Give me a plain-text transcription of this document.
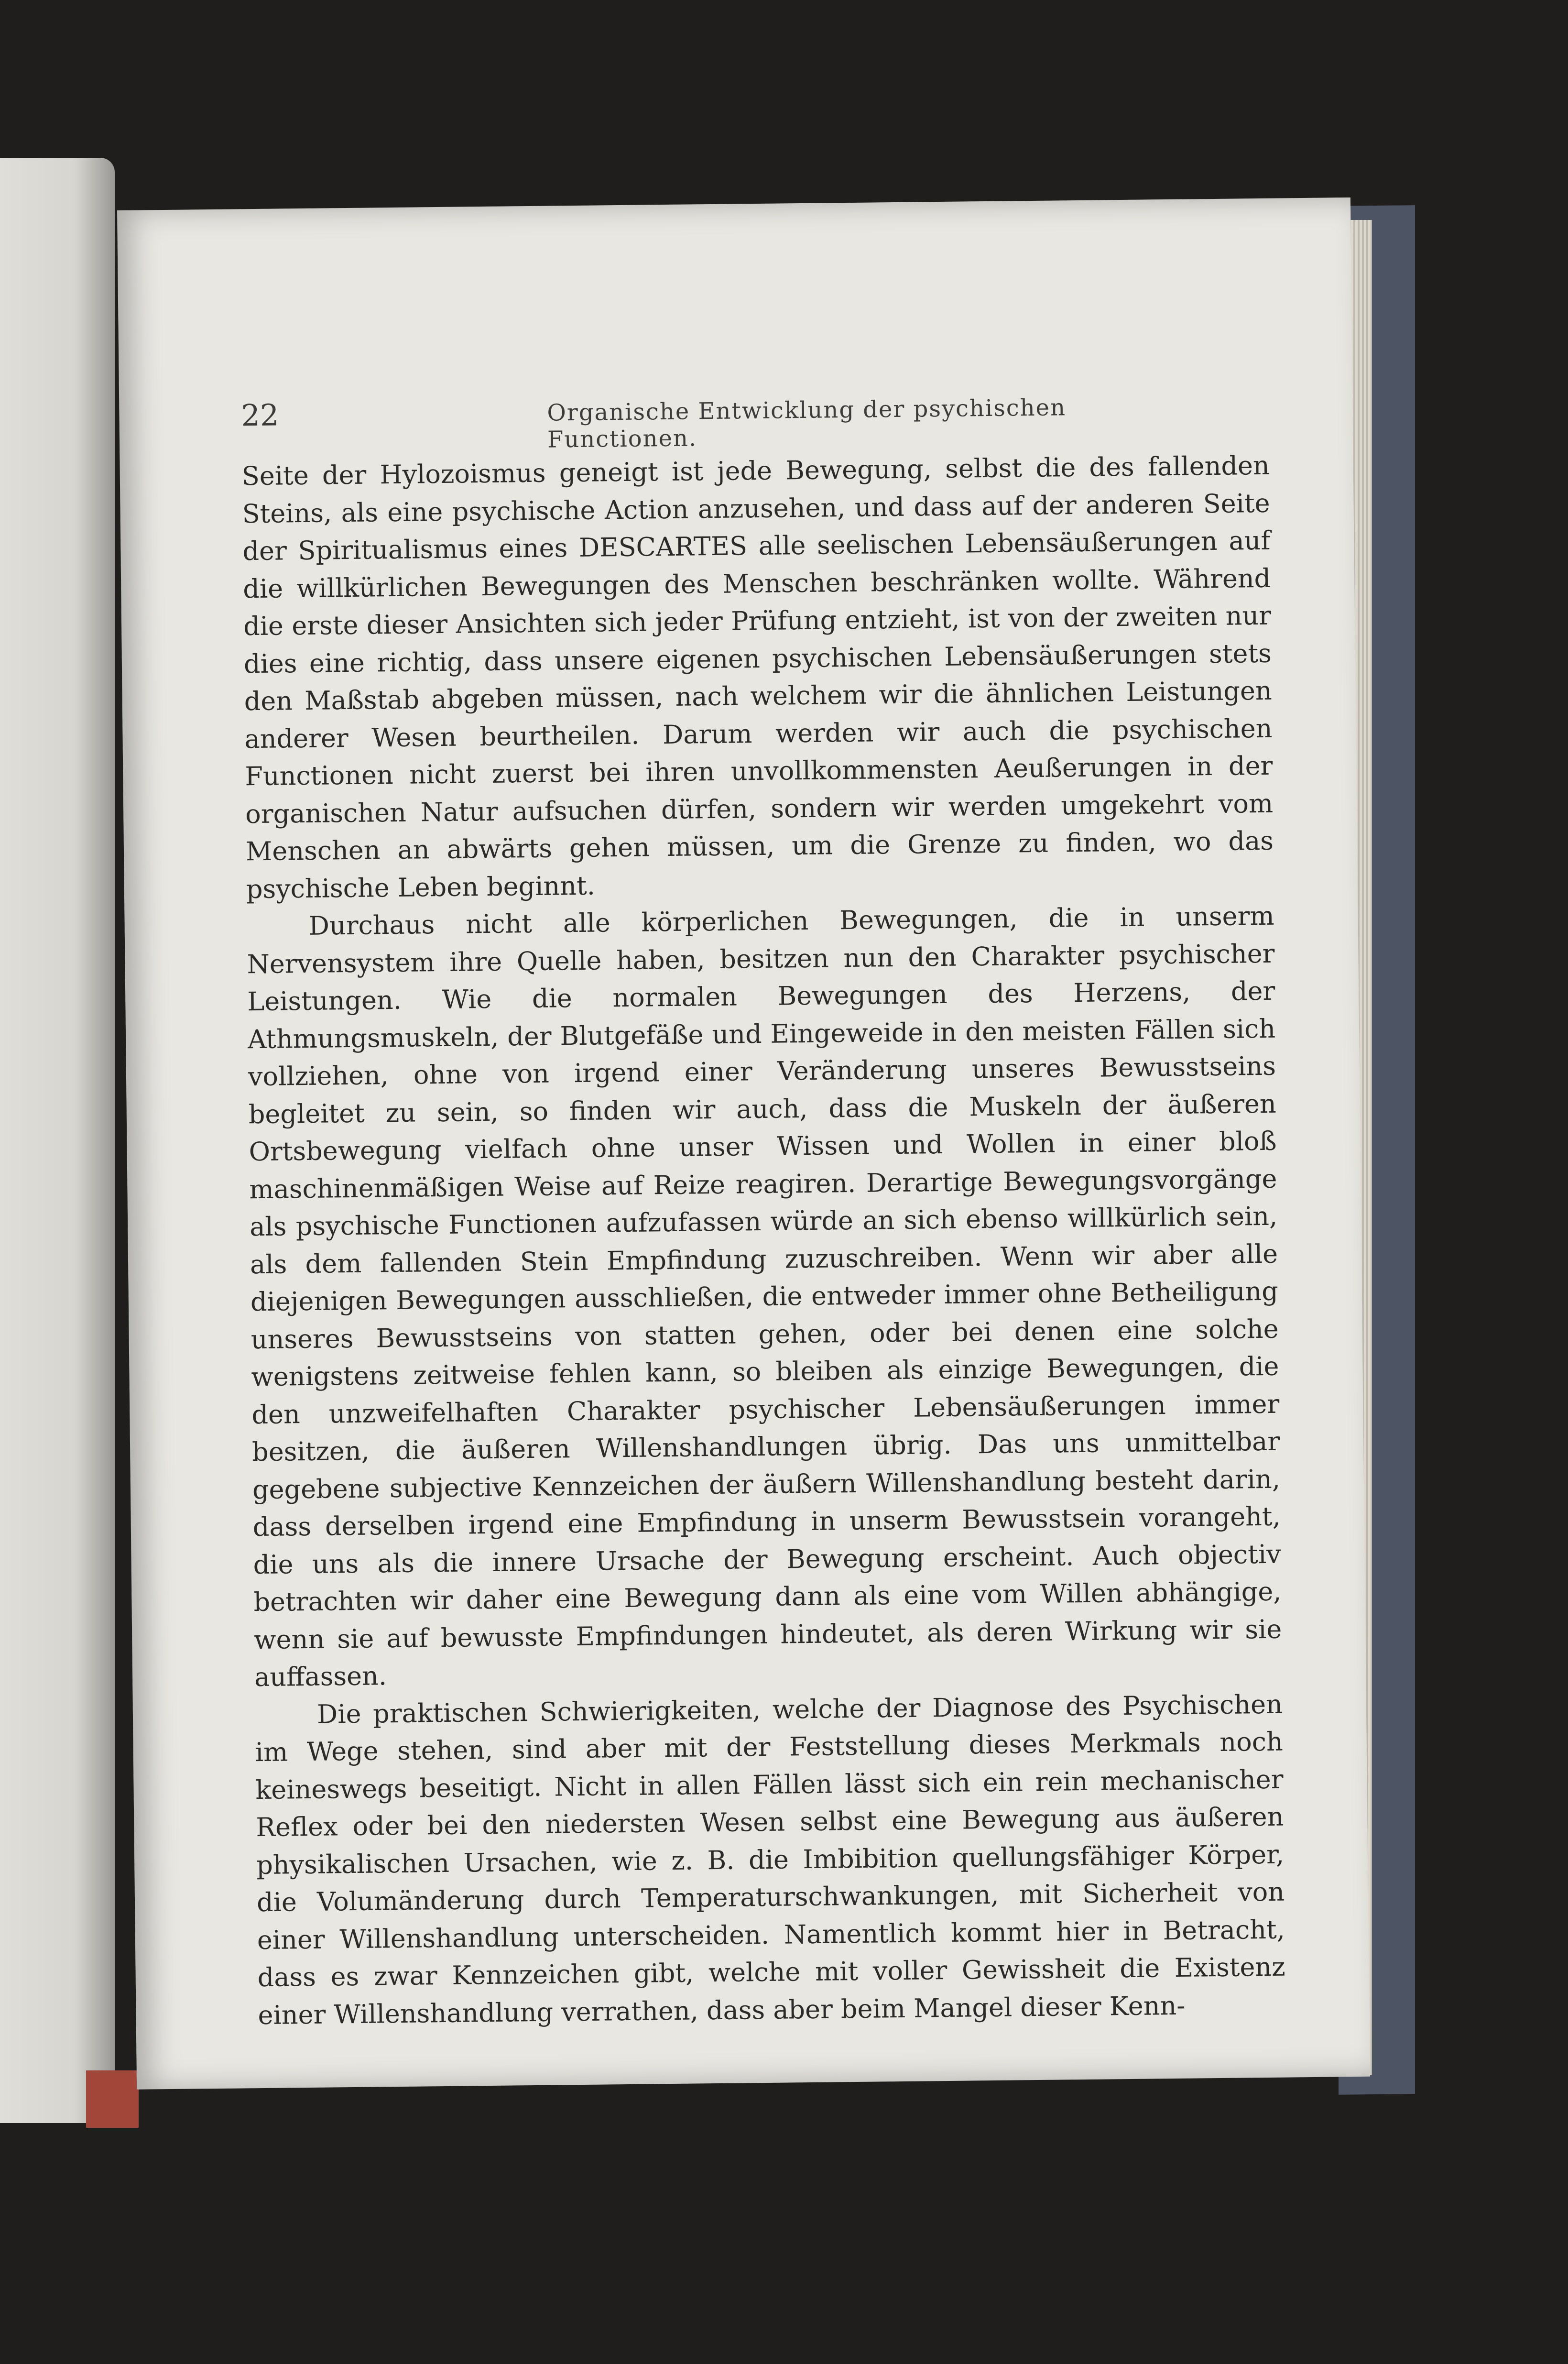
22	Organische Entwicklung der psychischen Functionen.

Seite der Hylozoismus geneigt ist jede Bewegung, selbst die des fallenden Steins, als eine psychische Action anzusehen, und dass auf der anderen Seite der Spiritualismus eines DESCARTES alle seelischen Lebensäußerungen auf die willkürlichen Bewegungen des Menschen beschränken wollte. Während die erste dieser Ansichten sich jeder Prüfung entzieht, ist von der zweiten nur dies eine richtig, dass unsere eigenen psychischen Lebensäußerungen stets den Maßstab abgeben müssen, nach welchem wir die ähnlichen Leistungen anderer Wesen beurtheilen. Darum werden wir auch die psychischen Functionen nicht zuerst bei ihren unvollkommensten Aeußerungen in der organischen Natur aufsuchen dürfen, sondern wir werden umgekehrt vom Menschen an abwärts gehen müssen, um die Grenze zu finden, wo das psychische Leben beginnt.

Durchaus nicht alle körperlichen Bewegungen, die in unserm Nervensystem ihre Quelle haben, besitzen nun den Charakter psychischer Leistungen. Wie die normalen Bewegungen des Herzens, der Athmungsmuskeln, der Blutgefäße und Eingeweide in den meisten Fällen sich vollziehen, ohne von irgend einer Veränderung unseres Bewusstseins begleitet zu sein, so finden wir auch, dass die Muskeln der äußeren Ortsbewegung vielfach ohne unser Wissen und Wollen in einer bloß maschinenmäßigen Weise auf Reize reagiren. Derartige Bewegungsvorgänge als psychische Functionen aufzufassen würde an sich ebenso willkürlich sein, als dem fallenden Stein Empfindung zuzuschreiben. Wenn wir aber alle diejenigen Bewegungen ausschließen, die entweder immer ohne Betheiligung unseres Bewusstseins von statten gehen, oder bei denen eine solche wenigstens zeitweise fehlen kann, so bleiben als einzige Bewegungen, die den unzweifelhaften Charakter psychischer Lebensäußerungen immer besitzen, die äußeren Willenshandlungen übrig. Das uns unmittelbar gegebene subjective Kennzeichen der äußern Willenshandlung besteht darin, dass derselben irgend eine Empfindung in unserm Bewusstsein vorangeht, die uns als die innere Ursache der Bewegung erscheint. Auch objectiv betrachten wir daher eine Bewegung dann als eine vom Willen abhängige, wenn sie auf bewusste Empfindungen hindeutet, als deren Wirkung wir sie auffassen.

Die praktischen Schwierigkeiten, welche der Diagnose des Psychischen im Wege stehen, sind aber mit der Feststellung dieses Merkmals noch keineswegs beseitigt. Nicht in allen Fällen lässt sich ein rein mechanischer Reflex oder bei den niedersten Wesen selbst eine Bewegung aus äußeren physikalischen Ursachen, wie z. B. die Imbibition quellungsfähiger Körper, die Volumänderung durch Temperaturschwankungen, mit Sicherheit von einer Willenshandlung unterscheiden. Namentlich kommt hier in Betracht, dass es zwar Kennzeichen gibt, welche mit voller Gewissheit die Existenz einer Willenshandlung verrathen, dass aber beim Mangel dieser Kenn-
